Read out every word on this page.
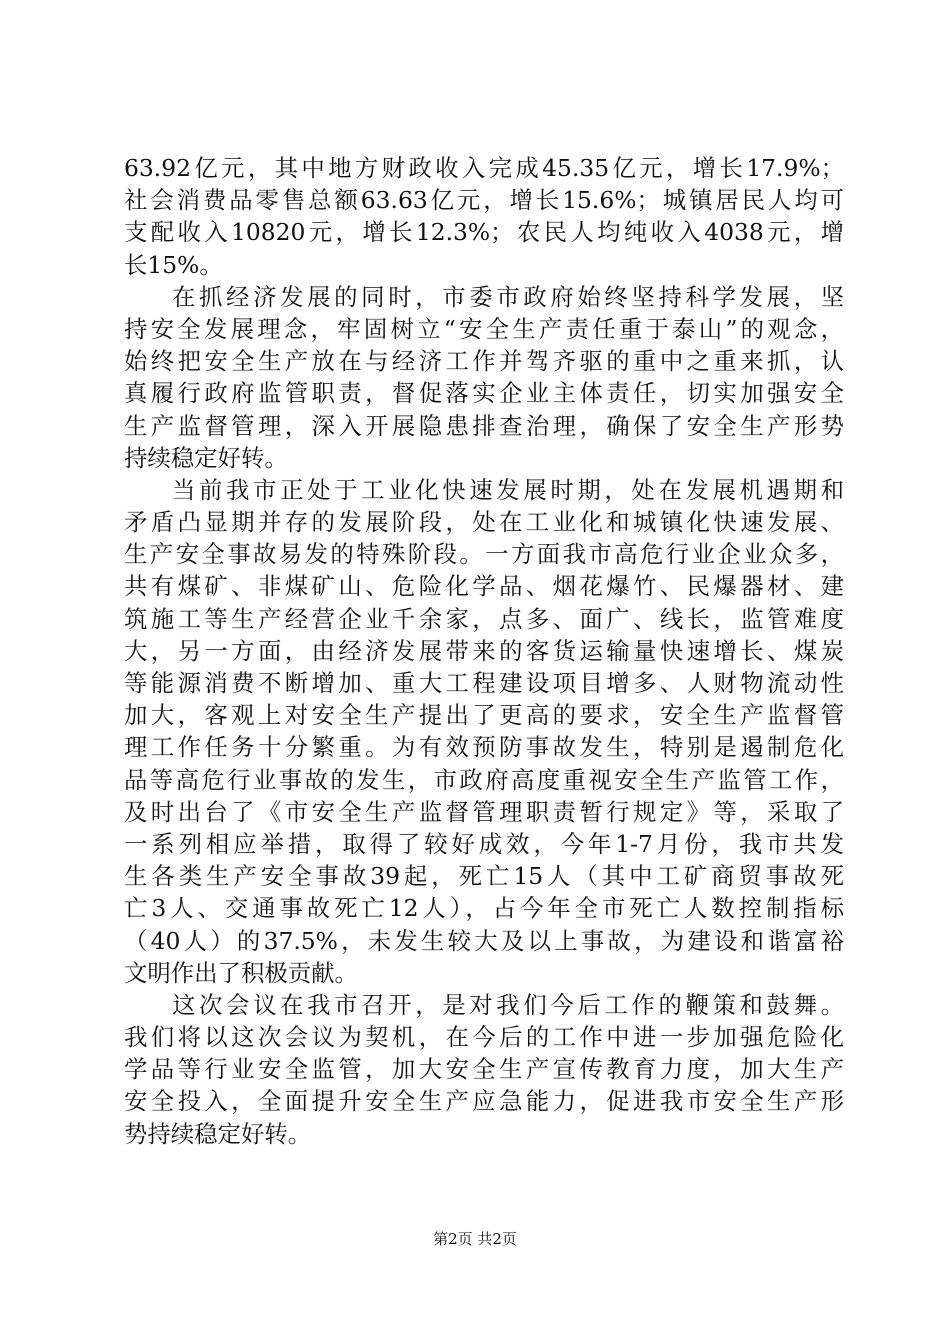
63.92亿元，其中地方财政收入完成45.35亿元，增长17.9%；
社会消费品零售总额63.63亿元，增长15.6%；城镇居民人均可
支配收入10820元，增长12.3%；农民人均纯收入4038元，增
长15%。
在抓经济发展的同时，市委市政府始终坚持科学发展，坚
持安全发展理念，牢固树立“安全生产责任重于泰山”的观念，
始终把安全生产放在与经济工作并驾齐驱的重中之重来抓，认
真履行政府监管职责，督促落实企业主体责任，切实加强安全
生产监督管理，深入开展隐患排查治理，确保了安全生产形势
持续稳定好转。
当前我市正处于工业化快速发展时期，处在发展机遇期和
矛盾凸显期并存的发展阶段，处在工业化和城镇化快速发展、
生产安全事故易发的特殊阶段。一方面我市高危行业企业众多，
共有煤矿、非煤矿山、危险化学品、烟花爆竹、民爆器材、建
筑施工等生产经营企业千余家，点多、面广、线长，监管难度
大，另一方面，由经济发展带来的客货运输量快速增长、煤炭
等能源消费不断增加、重大工程建设项目增多、人财物流动性
加大，客观上对安全生产提出了更高的要求，安全生产监督管
理工作任务十分繁重。为有效预防事故发生，特别是遏制危化
品等高危行业事故的发生，市政府高度重视安全生产监管工作，
及时出台了《市安全生产监督管理职责暂行规定》等，采取了
一系列相应举措，取得了较好成效，今年1-7月份，我市共发
生各类生产安全事故39起，死亡15人（其中工矿商贸事故死
亡3人、交通事故死亡12人），占今年全市死亡人数控制指标
（40人）的37.5%，未发生较大及以上事故，为建设和谐富裕
文明作出了积极贡献。
这次会议在我市召开，是对我们今后工作的鞭策和鼓舞。
我们将以这次会议为契机，在今后的工作中进一步加强危险化
学品等行业安全监管，加大安全生产宣传教育力度，加大生产
安全投入，全面提升安全生产应急能力，促进我市安全生产形
势持续稳定好转。
第2页 共2页
